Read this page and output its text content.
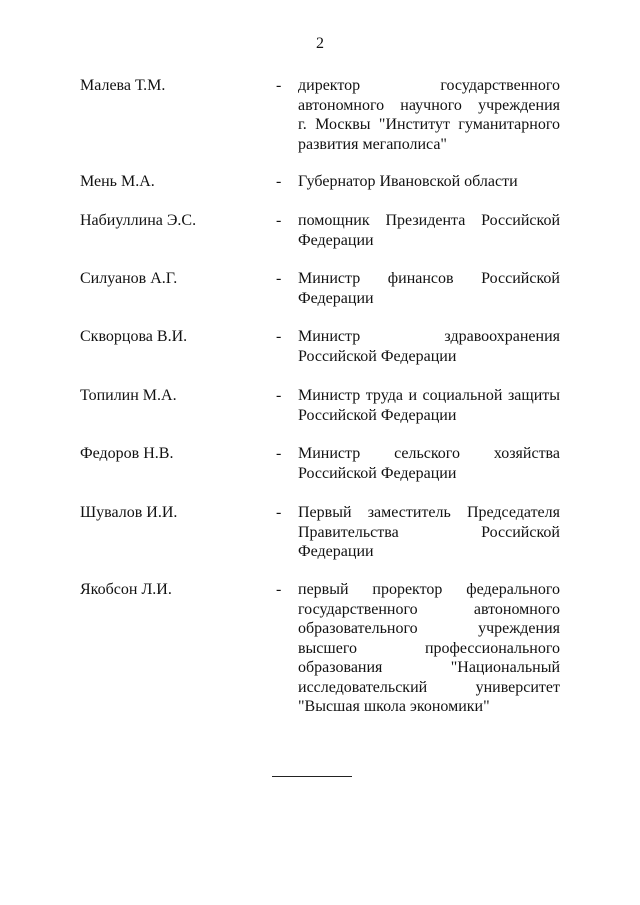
2
Малева Т.М.	- директор государственного
автономного научного учреждения
г. Москвы "Институт гуманитарного
развития мегаполиса"
Мень М.А.	- Губернатор Ивановской области
Набиуллина Э.С.	- помощник Президента Российской
Федерации
Силуанов А.Г.	- Министр финансов Российской
Федерации
Скворцова В.И.	- Министр здравоохранения
Российской Федерации
Топилин М.А.	- Министр труда и социальной защиты
Российской Федерации
Федоров Н.В.	- Министр сельского хозяйства
Российской Федерации
Шувалов И.И.	- Первый заместитель Председателя
Правительства Российской
Федерации
Якобсон Л.И.	- первый проректор федерального
государственного автономного
образовательного учреждения
высшего профессионального
образования "Национальный
исследовательский университет
"Высшая школа экономики"
